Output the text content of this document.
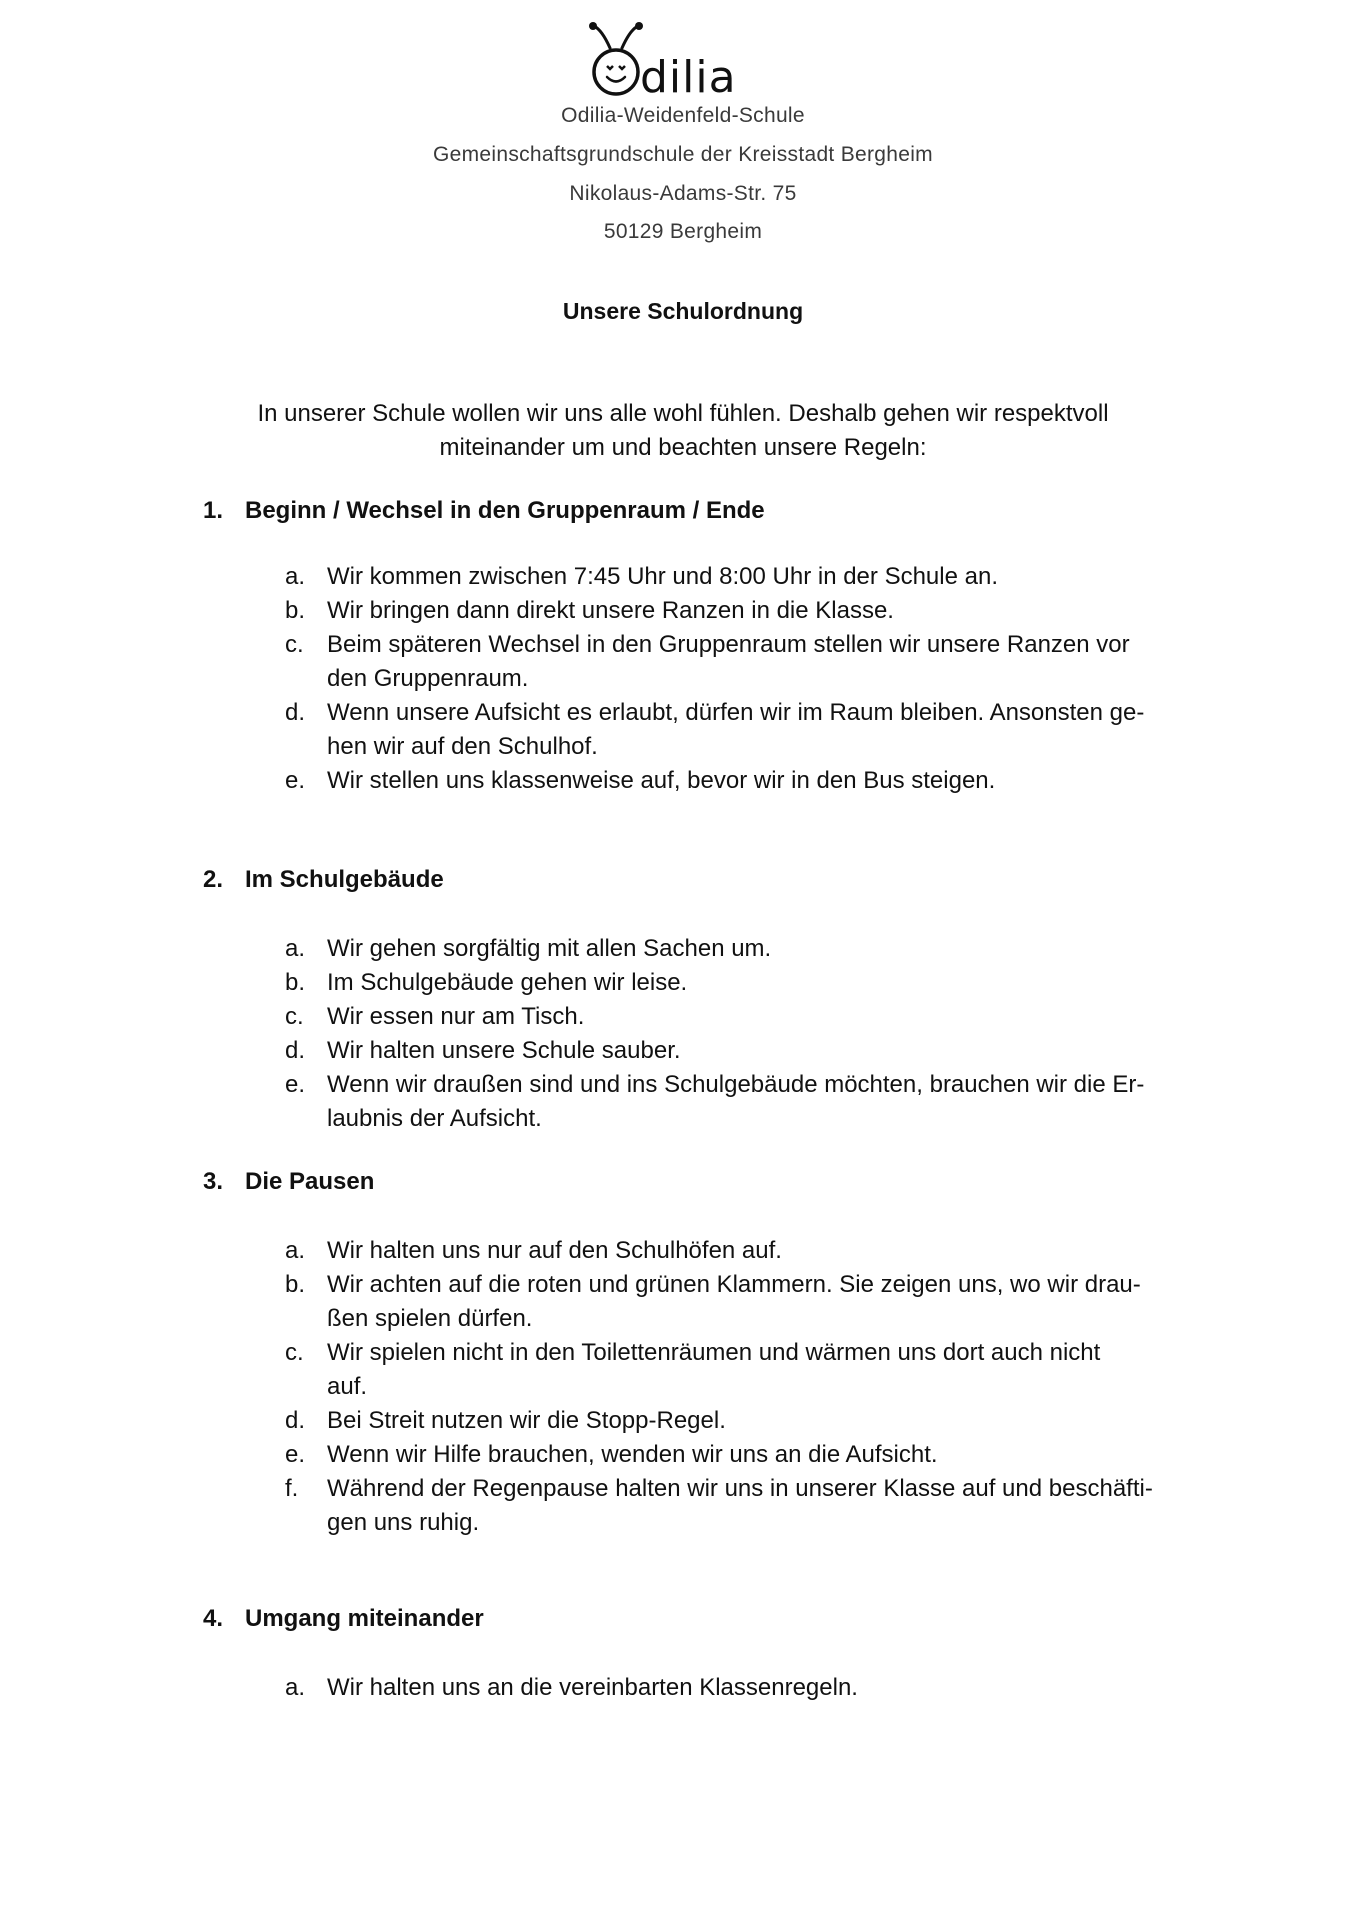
dilia
Odilia-Weidenfeld-Schule
Gemeinschaftsgrundschule der Kreisstadt Bergheim
Nikolaus-Adams-Str. 75
50129 Bergheim
Unsere Schulordnung
In unserer Schule wollen wir uns alle wohl fühlen. Deshalb gehen wir respektvoll
miteinander um und beachten unsere Regeln:
1. Beginn / Wechsel in den Gruppenraum / Ende
a. Wir kommen zwischen 7:45 Uhr und 8:00 Uhr in der Schule an.
b. Wir bringen dann direkt unsere Ranzen in die Klasse.
c. Beim späteren Wechsel in den Gruppenraum stellen wir unsere Ranzen vor
den Gruppenraum.
d. Wenn unsere Aufsicht es erlaubt, dürfen wir im Raum bleiben. Ansonsten ge-
hen wir auf den Schulhof.
e. Wir stellen uns klassenweise auf, bevor wir in den Bus steigen.
2. Im Schulgebäude
a. Wir gehen sorgfältig mit allen Sachen um.
b. Im Schulgebäude gehen wir leise.
c. Wir essen nur am Tisch.
d. Wir halten unsere Schule sauber.
e. Wenn wir draußen sind und ins Schulgebäude möchten, brauchen wir die Er-
laubnis der Aufsicht.
3. Die Pausen
a. Wir halten uns nur auf den Schulhöfen auf.
b. Wir achten auf die roten und grünen Klammern. Sie zeigen uns, wo wir drau-
ßen spielen dürfen.
c. Wir spielen nicht in den Toilettenräumen und wärmen uns dort auch nicht
auf.
d. Bei Streit nutzen wir die Stopp-Regel.
e. Wenn wir Hilfe brauchen, wenden wir uns an die Aufsicht.
f. Während der Regenpause halten wir uns in unserer Klasse auf und beschäfti-
gen uns ruhig.
4. Umgang miteinander
a. Wir halten uns an die vereinbarten Klassenregeln.
